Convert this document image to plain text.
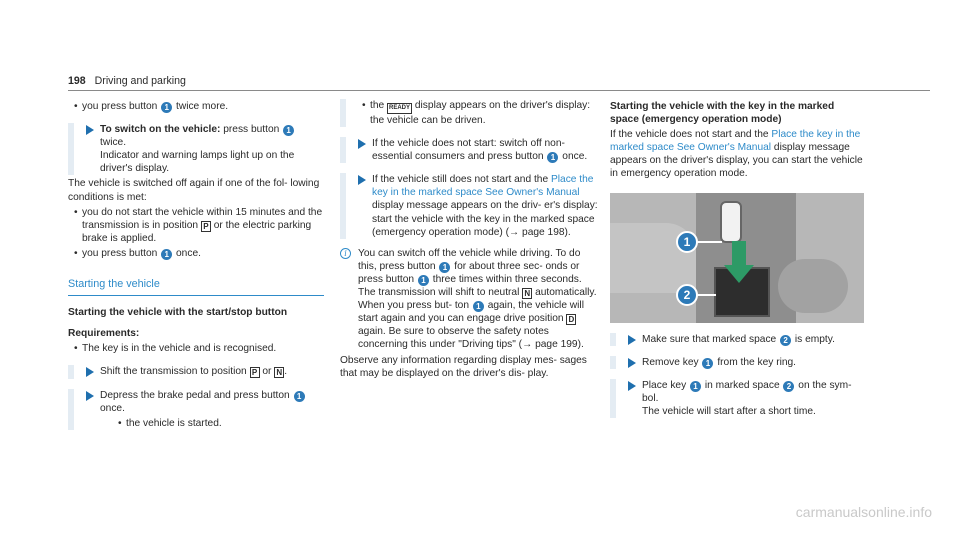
198 Driving and parking
• you press button 1 twice more.
To switch on the vehicle: press button 1 twice.
Indicator and warning lamps light up on the driver's display.
The vehicle is switched off again if one of the fol- lowing conditions is met:
• you do not start the vehicle within 15 minutes and the transmission is in position P or the electric parking brake is applied.
• you press button 1 once.
Starting the vehicle
Starting the vehicle with the start/stop button
Requirements:
• The key is in the vehicle and is recognised.
Shift the transmission to position P or N .
Depress the brake pedal and press button 1 once.
• the vehicle is started.
• the READY display appears on the driver's display: the vehicle can be driven.
If the vehicle does not start: switch off non- essential consumers and press button 1 once.
If the vehicle still does not start and the Place the key in the marked space See Owner's Manual display message appears on the driv- er's display: start the vehicle with the key in the marked space (emergency operation mode) (→ page 198).
i	You can switch off the vehicle while driving. To do this, press button 1 for about three sec- onds or press button 1 three times within three seconds. The transmission will shift to neutral N automatically. When you press but- ton 1 again, the vehicle will start again and you can engage drive position D again. Be sure to observe the safety notes concerning this under "Driving tips" (→ page 199).
Observe any information regarding display mes- sages that may be displayed on the driver's dis- play.
Starting the vehicle with the key in the marked space (emergency operation mode)
If the vehicle does not start and the Place the key in the marked space See Owner's Manual display message appears on the driver's display, you can start the vehicle in emergency operation mode.
1
2
Make sure that marked space 2 is empty.
Remove key 1 from the key ring.
Place key 1 in marked space 2 on the sym- bol.
The vehicle will start after a short time.
carmanualsonline.info
